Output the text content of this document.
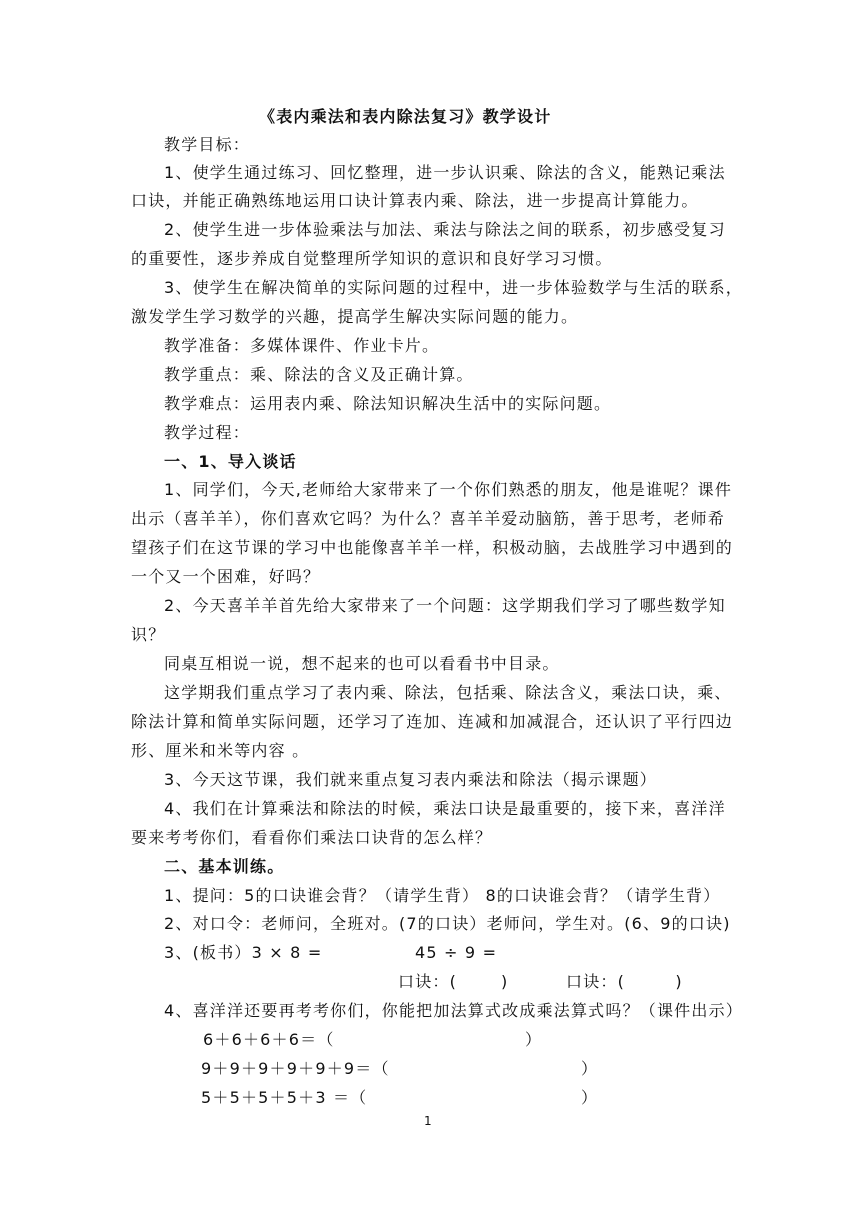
《表内乘法和表内除法复习》教学设计
教学目标：
1、使学生通过练习、回忆整理，进一步认识乘、除法的含义，能熟记乘法
口诀，并能正确熟练地运用口诀计算表内乘、除法，进一步提高计算能力。
2、使学生进一步体验乘法与加法、乘法与除法之间的联系，初步感受复习
的重要性，逐步养成自觉整理所学知识的意识和良好学习习惯。
3、使学生在解决简单的实际问题的过程中，进一步体验数学与生活的联系，
激发学生学习数学的兴趣，提高学生解决实际问题的能力。
教学准备：多媒体课件、作业卡片。
教学重点：乘、除法的含义及正确计算。
教学难点：运用表内乘、除法知识解决生活中的实际问题。
教学过程：
一、1、导入谈话
1、同学们，今天,老师给大家带来了一个你们熟悉的朋友，他是谁呢？课件
出示（喜羊羊），你们喜欢它吗？为什么？喜羊羊爱动脑筋，善于思考，老师希
望孩子们在这节课的学习中也能像喜羊羊一样，积极动脑，去战胜学习中遇到的
一个又一个困难，好吗？
2、今天喜羊羊首先给大家带来了一个问题：这学期我们学习了哪些数学知
识？
同桌互相说一说，想不起来的也可以看看书中目录。
这学期我们重点学习了表内乘、除法，包括乘、除法含义，乘法口诀，乘、
除法计算和简单实际问题，还学习了连加、连减和加减混合，还认识了平行四边
形、厘米和米等内容 。
3、今天这节课，我们就来重点复习表内乘法和除法（揭示课题）
4、我们在计算乘法和除法的时候，乘法口诀是最重要的，接下来，喜洋洋
要来考考你们，看看你们乘法口诀背的怎么样？
二、基本训练。
1、提问：5的口诀谁会背？（请学生背） 8的口诀谁会背？（请学生背）
2、对口令：老师问，全班对。(7的口诀）老师问，学生对。(6、9的口诀)
3、(板书）3 × 8 =	45 ÷ 9 =
口诀：(       )	口诀：(        )
4、喜洋洋还要再考考你们，你能把加法算式改成乘法算式吗？（课件出示）
6＋6＋6＋6＝（	）
9＋9＋9＋9＋9＋9＝（	）
5＋5＋5＋5＋3 ＝（	）
1
